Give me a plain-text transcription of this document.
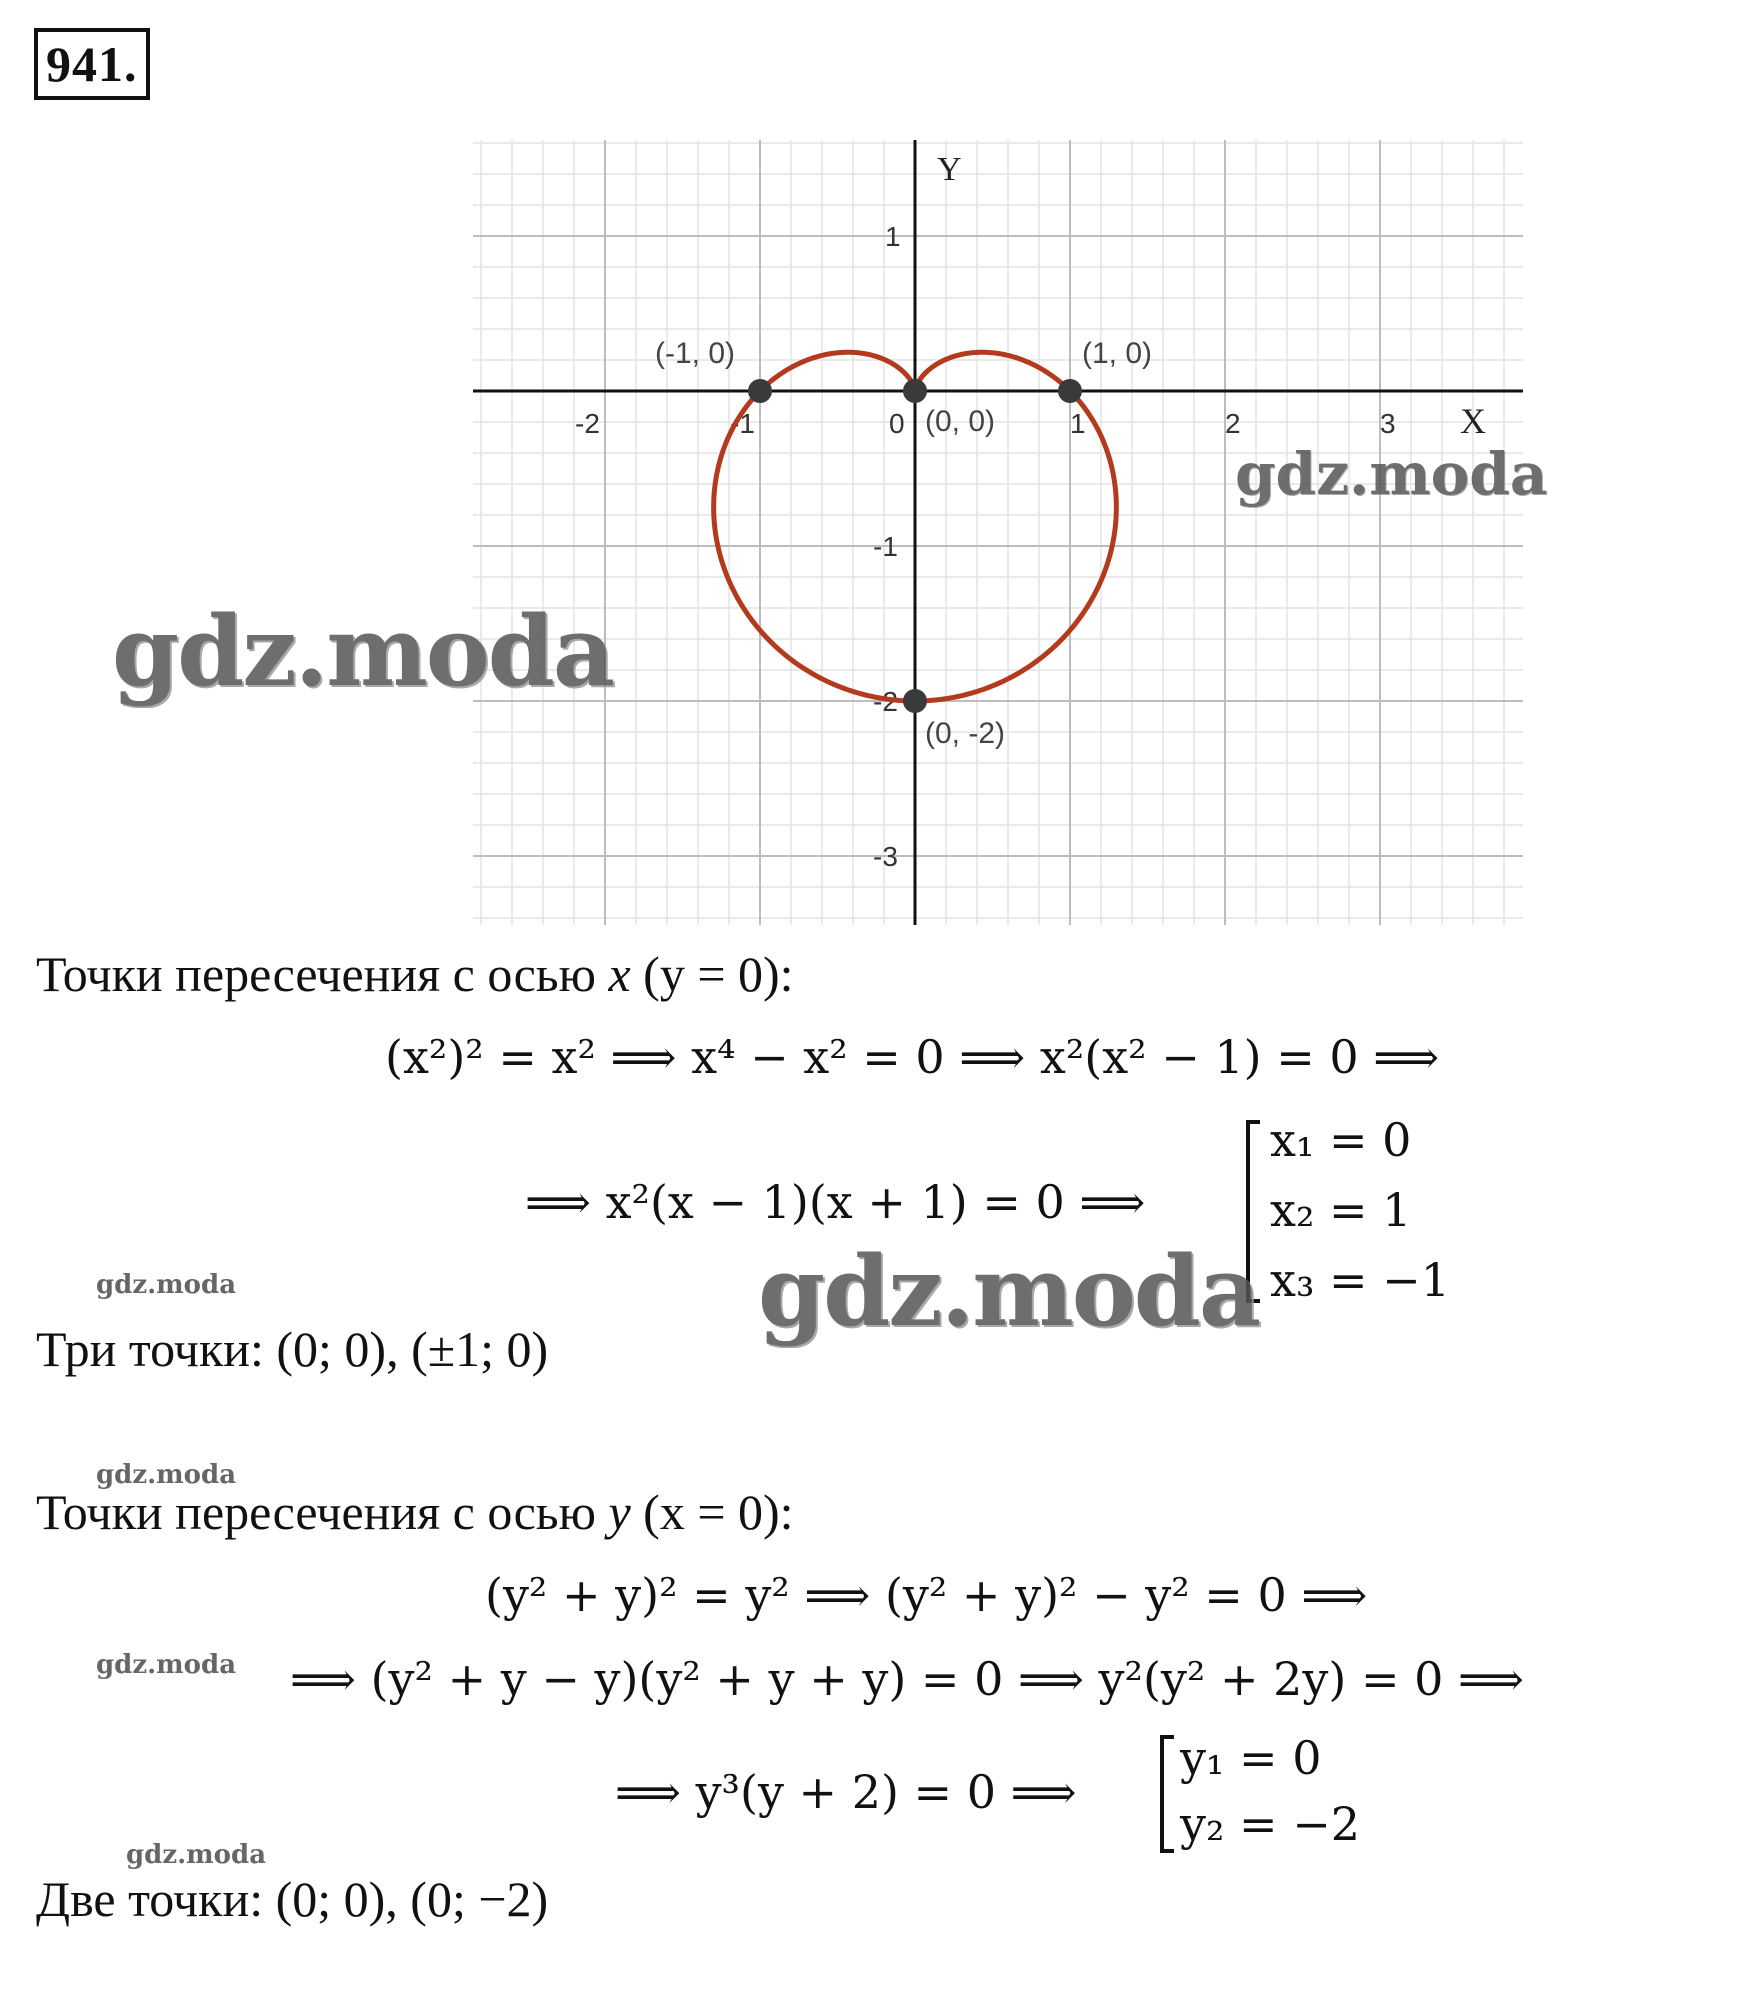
941.
-2	-1	0	1	2	3
1
-1
-2
-3
(-1, 0)
(0, 0)
(1, 0)
(0, -2)
Y
X
Точки пересечения с осью x (y = 0):
(x²)² = x² ⟹ x⁴ − x² = 0 ⟹ x²(x² − 1) = 0 ⟹
⟹ x²(x − 1)(x + 1) = 0 ⟹
x₁ = 0
x₂ = 1
x₃ = −1
Три точки: (0; 0), (±1; 0)
Точки пересечения с осью y (x = 0):
(y² + y)² = y² ⟹ (y² + y)² − y² = 0 ⟹
⟹ (y² + y − y)(y² + y + y) = 0 ⟹ y²(y² + 2y) = 0 ⟹
⟹ y³(y + 2) = 0 ⟹
y₁ = 0
y₂ = −2
Две точки: (0; 0), (0; −2)
gdz.moda
gdz.moda
gdz.moda
gdz.moda
gdz.moda
gdz.moda
gdz.moda
